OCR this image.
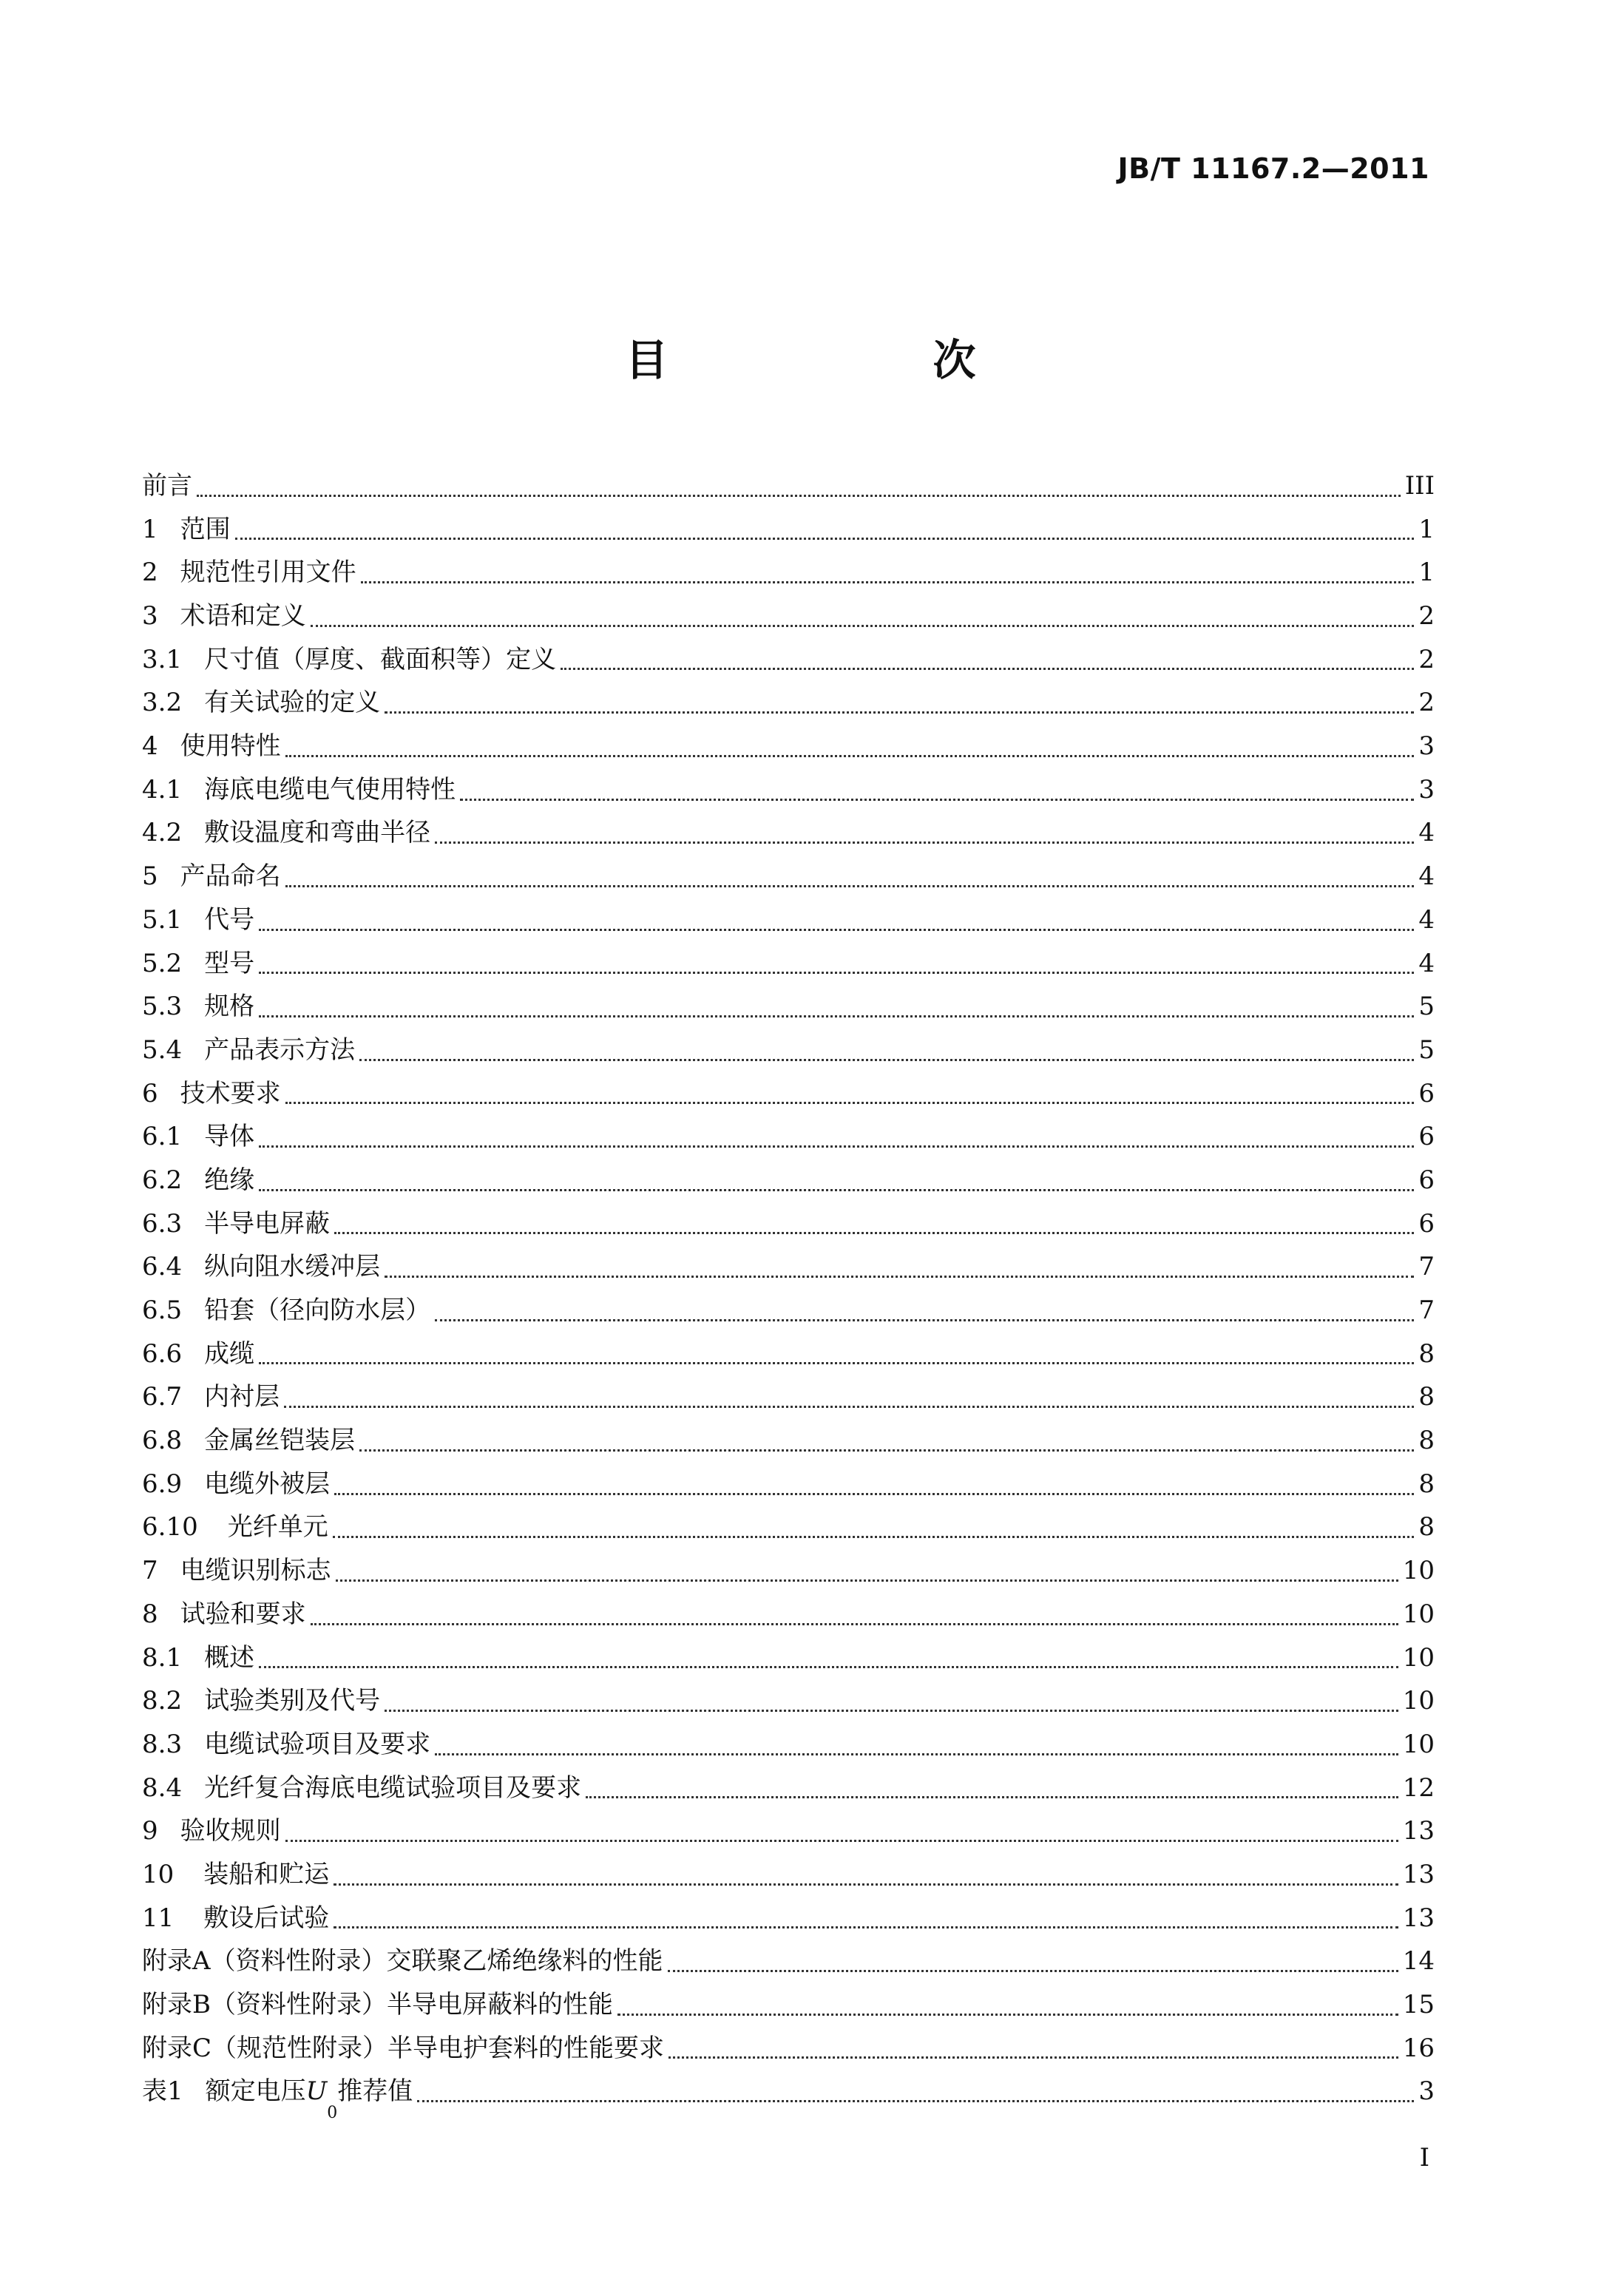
JB/T 11167.2—2011
目　次
前言	III
1 范围	1
2 规范性引用文件	1
3 术语和定义	2
3.1 尺寸值（厚度、截面积等）定义	2
3.2 有关试验的定义	2
4 使用特性	3
4.1 海底电缆电气使用特性	3
4.2 敷设温度和弯曲半径	4
5 产品命名	4
5.1 代号	4
5.2 型号	4
5.3 规格	5
5.4 产品表示方法	5
6 技术要求	6
6.1 导体	6
6.2 绝缘	6
6.3 半导电屏蔽	6
6.4 纵向阻水缓冲层	7
6.5 铅套（径向防水层）	7
6.6 成缆	8
6.7 内衬层	8
6.8 金属丝铠装层	8
6.9 电缆外被层	8
6.10 光纤单元	8
7 电缆识别标志	10
8 试验和要求	10
8.1 概述	10
8.2 试验类别及代号	10
8.3 电缆试验项目及要求	10
8.4 光纤复合海底电缆试验项目及要求	12
9 验收规则	13
10 装船和贮运	13
11 敷设后试验	13
附录A （资料性附录）交联聚乙烯绝缘料的性能	14
附录B （资料性附录）半导电屏蔽料的性能	15
附录C （规范性附录）半导电护套料的性能要求	16
表1 额定电压 U
0
推荐值	3
I
